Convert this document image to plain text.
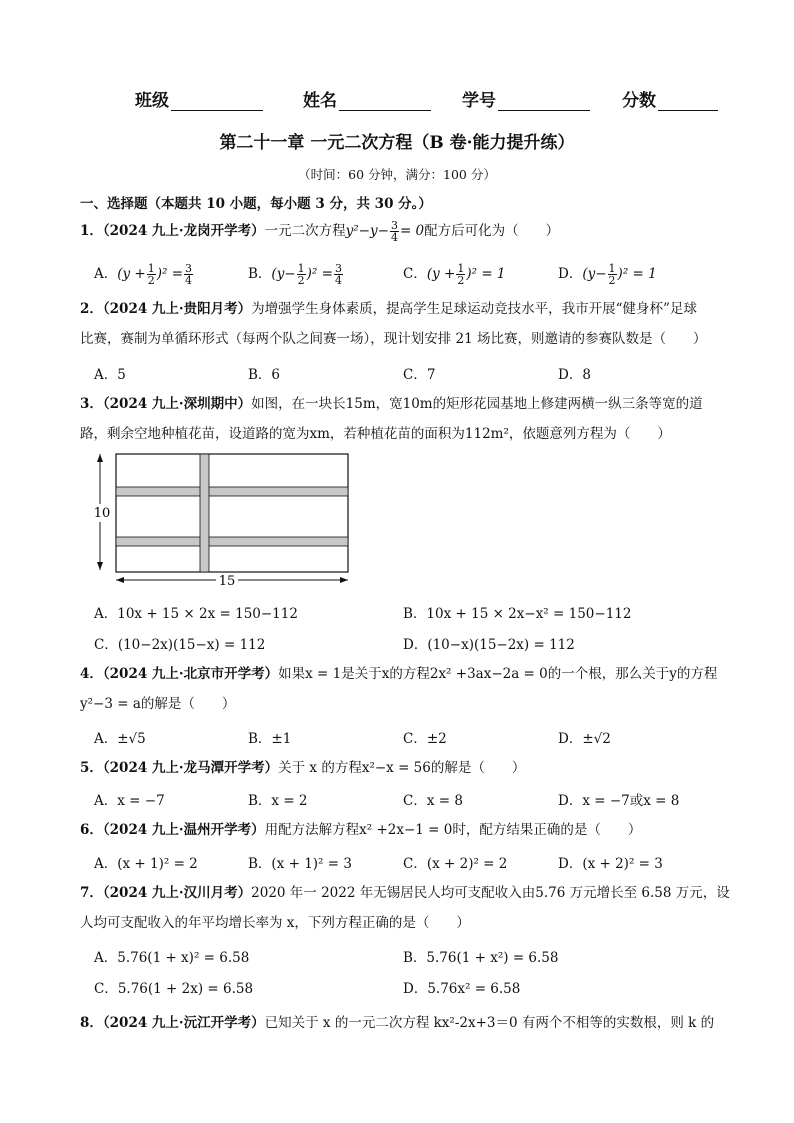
班级	姓名	学号	分数
第二十一章 一元二次方程（B 卷·能力提升练）
（时间：60 分钟，满分：100 分）
一、选择题（本题共 10 小题，每小题 3 分，共 30 分。）
1．（2024 九上·龙岗开学考）一元二次方程$y^2-y- \frac{3}{4} = 0$配方后可化为（　　）
A．$(y + \frac{1}{2} )^2 = \frac{3}{4}$	B．$(y- \frac{1}{2} )^2 = \frac{3}{4}$	C．$(y + \frac{1}{2} )^2 = 1$	D．$(y- \frac{1}{2} )^2 = 1$
2．（2024 九上·贵阳月考）为增强学生身体素质，提高学生足球运动竞技水平，我市开展“健身杯”足球
比赛，赛制为单循环形式（每两个队之间赛一场），现计划安排 21 场比赛，则邀请的参赛队数是（　　）
A．5	B．6	C．7	D．8
3．（2024 九上·深圳期中）如图，在一块长15m，宽10m的矩形花园基地上修建两横一纵三条等宽的道
路，剩余空地种植花苗，设道路的宽为xm，若种植花苗的面积为112m²，依题意列方程为（　　）
10
15
A．10x + 15 × 2x = 150−112	B．10x + 15 × 2x−x² = 150−112
C．(10−2x)(15−x) = 112	D．(10−x)(15−2x) = 112
4．（2024 九上·北京市开学考）如果x = 1是关于x的方程2x² +3ax−2a = 0的一个根，那么关于y的方程
y²−3 = a的解是（　　）
A．±√5	B．±1	C．±2	D．±√2
5．（2024 九上·龙马潭开学考）关于 x 的方程x²−x = 56的解是（　　）
A．x = −7	B．x = 2	C．x = 8	D．x = −7或x = 8
6．（2024 九上·温州开学考）用配方法解方程x² +2x−1 = 0时，配方结果正确的是（　　）
A．(x + 1)² = 2	B．(x + 1)² = 3	C．(x + 2)² = 2	D．(x + 2)² = 3
7．（2024 九上·汉川月考）2020 年一 2022 年无锡居民人均可支配收入由5.76 万元增长至 6.58 万元，设
人均可支配收入的年平均增长率为 x，下列方程正确的是（　　）
A．5.76(1 + x)² = 6.58	B．5.76(1 + x²) = 6.58
C．5.76(1 + 2x) = 6.58	D．5.76x² = 6.58
8．（2024 九上·沅江开学考）已知关于 x 的一元二次方程 kx²-2x+3＝0 有两个不相等的实数根，则 k 的
